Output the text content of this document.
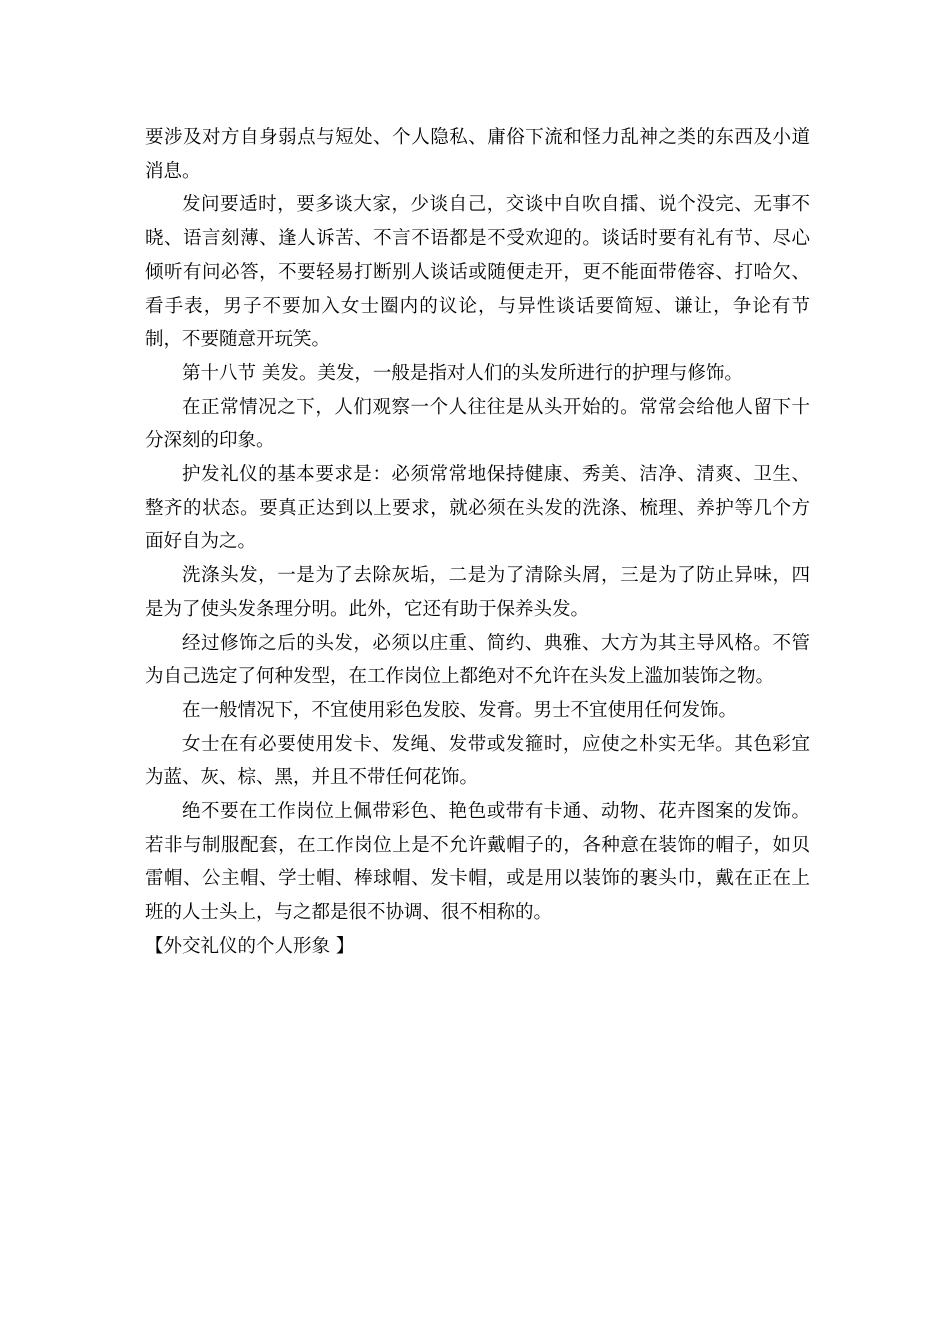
要涉及对方自身弱点与短处、个人隐私、庸俗下流和怪力乱神之类的东西及小道消息。

发问要适时，要多谈大家，少谈自己，交谈中自吹自擂、说个没完、无事不晓、语言刻薄、逢人诉苦、不言不语都是不受欢迎的。谈话时要有礼有节、尽心倾听有问必答，不要轻易打断别人谈话或随便走开，更不能面带倦容、打哈欠、看手表，男子不要加入女士圈内的议论，与异性谈话要简短、谦让，争论有节制，不要随意开玩笑。

第十八节 美发。美发，一般是指对人们的头发所进行的护理与修饰。

在正常情况之下，人们观察一个人往往是从头开始的。常常会给他人留下十分深刻的印象。

护发礼仪的基本要求是：必须常常地保持健康、秀美、洁净、清爽、卫生、整齐的状态。要真正达到以上要求，就必须在头发的洗涤、梳理、养护等几个方面好自为之。

洗涤头发，一是为了去除灰垢，二是为了清除头屑，三是为了防止异味，四是为了使头发条理分明。此外，它还有助于保养头发。

经过修饰之后的头发，必须以庄重、简约、典雅、大方为其主导风格。不管为自己选定了何种发型，在工作岗位上都绝对不允许在头发上滥加装饰之物。

在一般情况下，不宜使用彩色发胶、发膏。男士不宜使用任何发饰。

女士在有必要使用发卡、发绳、发带或发箍时，应使之朴实无华。其色彩宜为蓝、灰、棕、黑，并且不带任何花饰。

绝不要在工作岗位上佩带彩色、艳色或带有卡通、动物、花卉图案的发饰。若非与制服配套，在工作岗位上是不允许戴帽子的，各种意在装饰的帽子，如贝雷帽、公主帽、学士帽、棒球帽、发卡帽，或是用以装饰的裹头巾，戴在正在上班的人士头上，与之都是很不协调、很不相称的。

【外交礼仪的个人形象 】
